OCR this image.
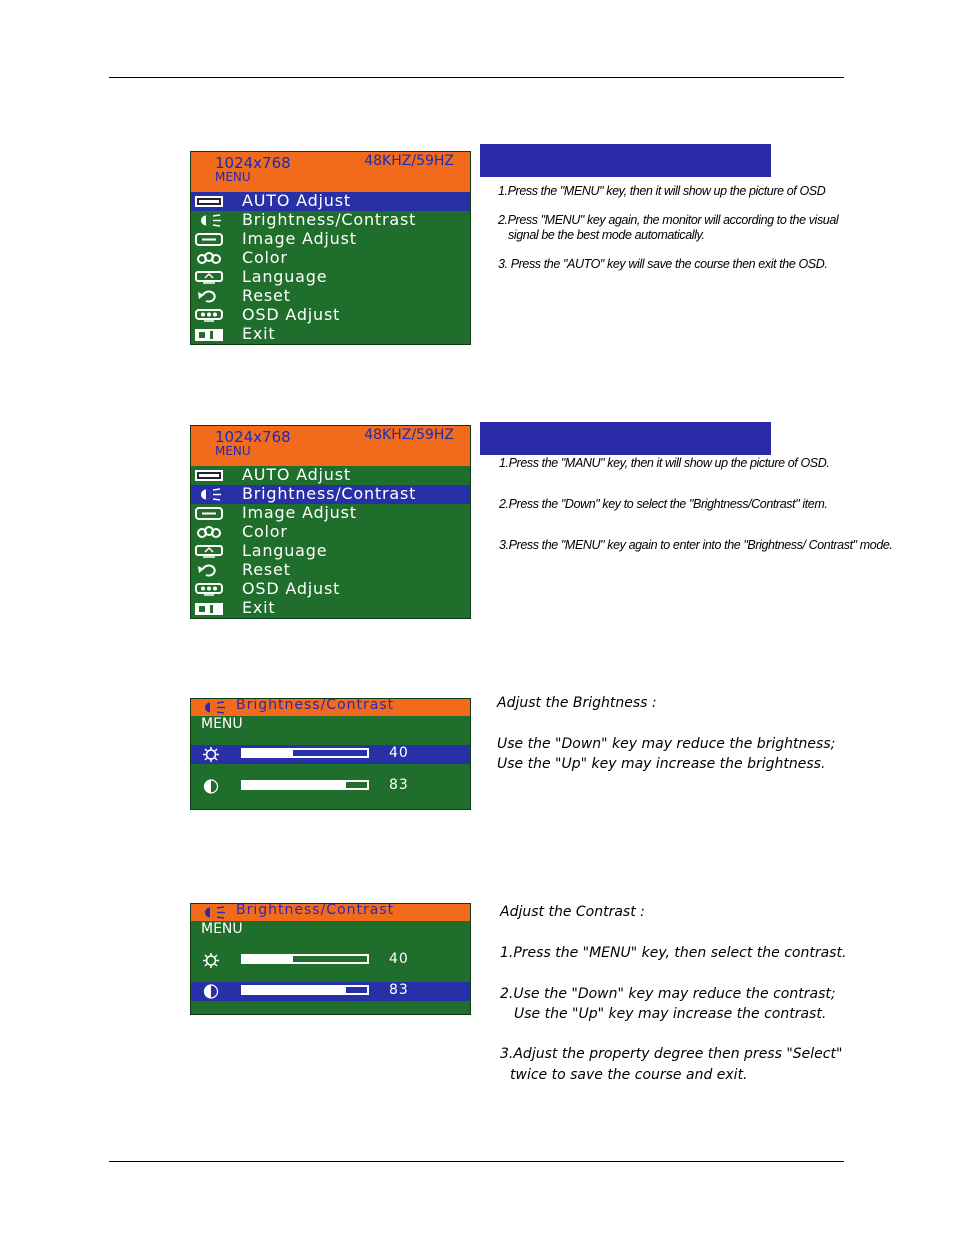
1024x768	48KHZ/59HZ
MENU
AUTO Adjust
Brightness/Contrast
Image Adjust
Color
Language
Reset
OSD Adjust
Exit
1.Press the "MENU" key, then it will show up the picture of OSD
2.Press "MENU" key again, the monitor will according to the visual
signal be the best mode automatically.
3. Press the "AUTO" key will save the course then exit the OSD.
1024x768	48KHZ/59HZ
MENU
AUTO Adjust
Brightness/Contrast
Image Adjust
Color
Language
Reset
OSD Adjust
Exit
1.Press the "MANU" key, then it will show up the picture of OSD.
2.Press the "Down" key to select the "Brightness/Contrast" item.
3.Press the "MENU" key again to enter into the "Brightness/ Contrast" mode.
Brightness/Contrast
MENU
40
83
Adjust the Brightness :
Use the "Down" key may reduce the brightness;
Use the "Up" key may increase the brightness.
Brightness/Contrast
MENU
40
83
Adjust the Contrast :
1.Press the "MENU" key, then select the contrast.
2.Use the "Down" key may reduce the contrast;
Use the "Up" key may increase the contrast.
3.Adjust the property degree then press "Select"
twice to save the course and exit.
